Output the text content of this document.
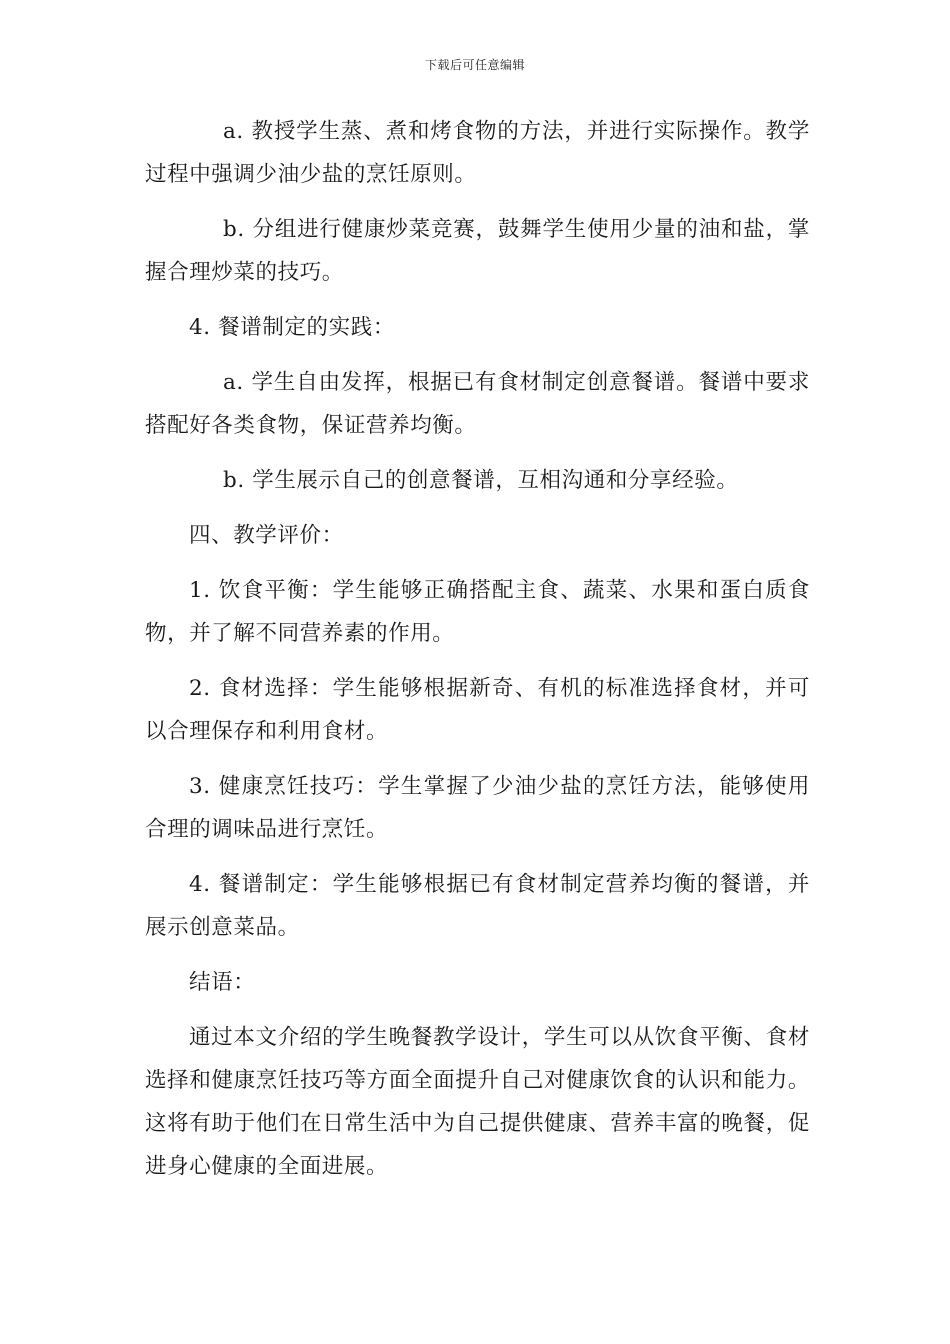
下载后可任意编辑

a. 教授学生蒸、煮和烤食物的方法，并进行实际操作。教学过程中强调少油少盐的烹饪原则。

b. 分组进行健康炒菜竞赛，鼓舞学生使用少量的油和盐，掌握合理炒菜的技巧。

4. 餐谱制定的实践：

a. 学生自由发挥，根据已有食材制定创意餐谱。餐谱中要求搭配好各类食物，保证营养均衡。

b. 学生展示自己的创意餐谱，互相沟通和分享经验。

四、教学评价：

1. 饮食平衡：学生能够正确搭配主食、蔬菜、水果和蛋白质食物，并了解不同营养素的作用。

2. 食材选择：学生能够根据新奇、有机的标准选择食材，并可以合理保存和利用食材。

3. 健康烹饪技巧：学生掌握了少油少盐的烹饪方法，能够使用合理的调味品进行烹饪。

4. 餐谱制定：学生能够根据已有食材制定营养均衡的餐谱，并展示创意菜品。

结语：

通过本文介绍的学生晚餐教学设计，学生可以从饮食平衡、食材选择和健康烹饪技巧等方面全面提升自己对健康饮食的认识和能力。这将有助于他们在日常生活中为自己提供健康、营养丰富的晚餐，促进身心健康的全面进展。
